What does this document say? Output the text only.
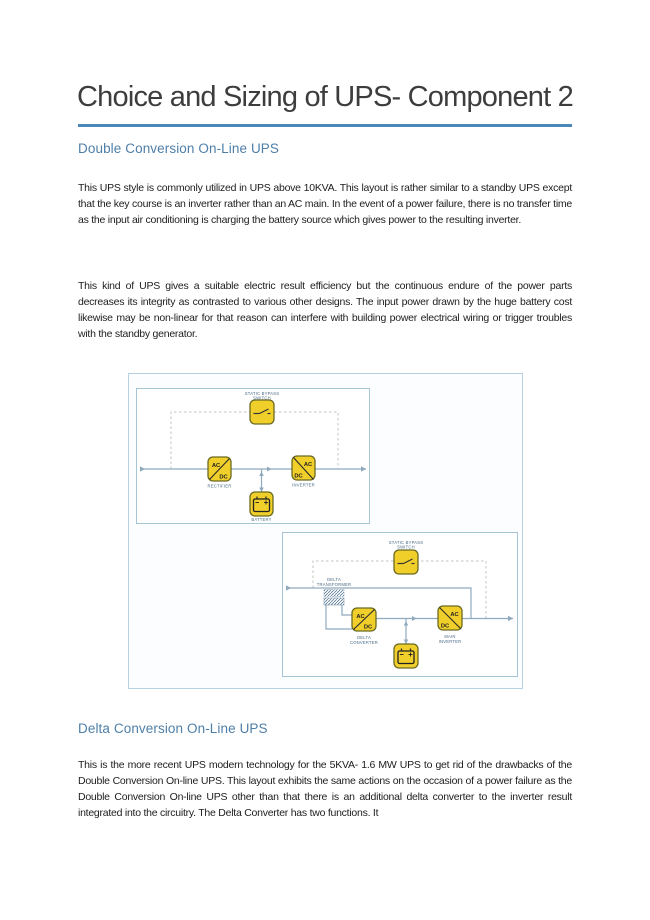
Choice and Sizing of UPS- Component 2
Double Conversion On-Line UPS
This UPS style is commonly utilized in UPS above 10KVA. This layout is rather similar to a standby UPS except that the key course is an inverter rather than an AC main. In the event of a power failure, there is no transfer time as the input air conditioning is charging the battery source which gives power to the resulting inverter.
This kind of UPS gives a suitable electric result efficiency but the continuous endure of the power parts decreases its integrity as contrasted to various other designs. The input power drawn by the huge battery cost likewise may be non-linear for that reason can interfere with building power electrical wiring or trigger troubles with the standby generator.
STATIC BYPASS
SWITCH
AC
DC
RECTIFIER
AC
DC
INVERTER
BATTERY
DELTA
TRANSFORMER
STATIC BYPASS
SWITCH
AC
DC
DELTA
CONVERTER
AC
DC
MAIN
INVERTER
Delta Conversion On-Line UPS
This is the more recent UPS modern technology for the 5KVA- 1.6 MW UPS to get rid of the drawbacks of the Double Conversion On-line UPS. This layout exhibits the same actions on the occasion of a power failure as the Double Conversion On-line UPS other than that there is an additional delta converter to the inverter result integrated into the circuitry. The Delta Converter has two functions. It
